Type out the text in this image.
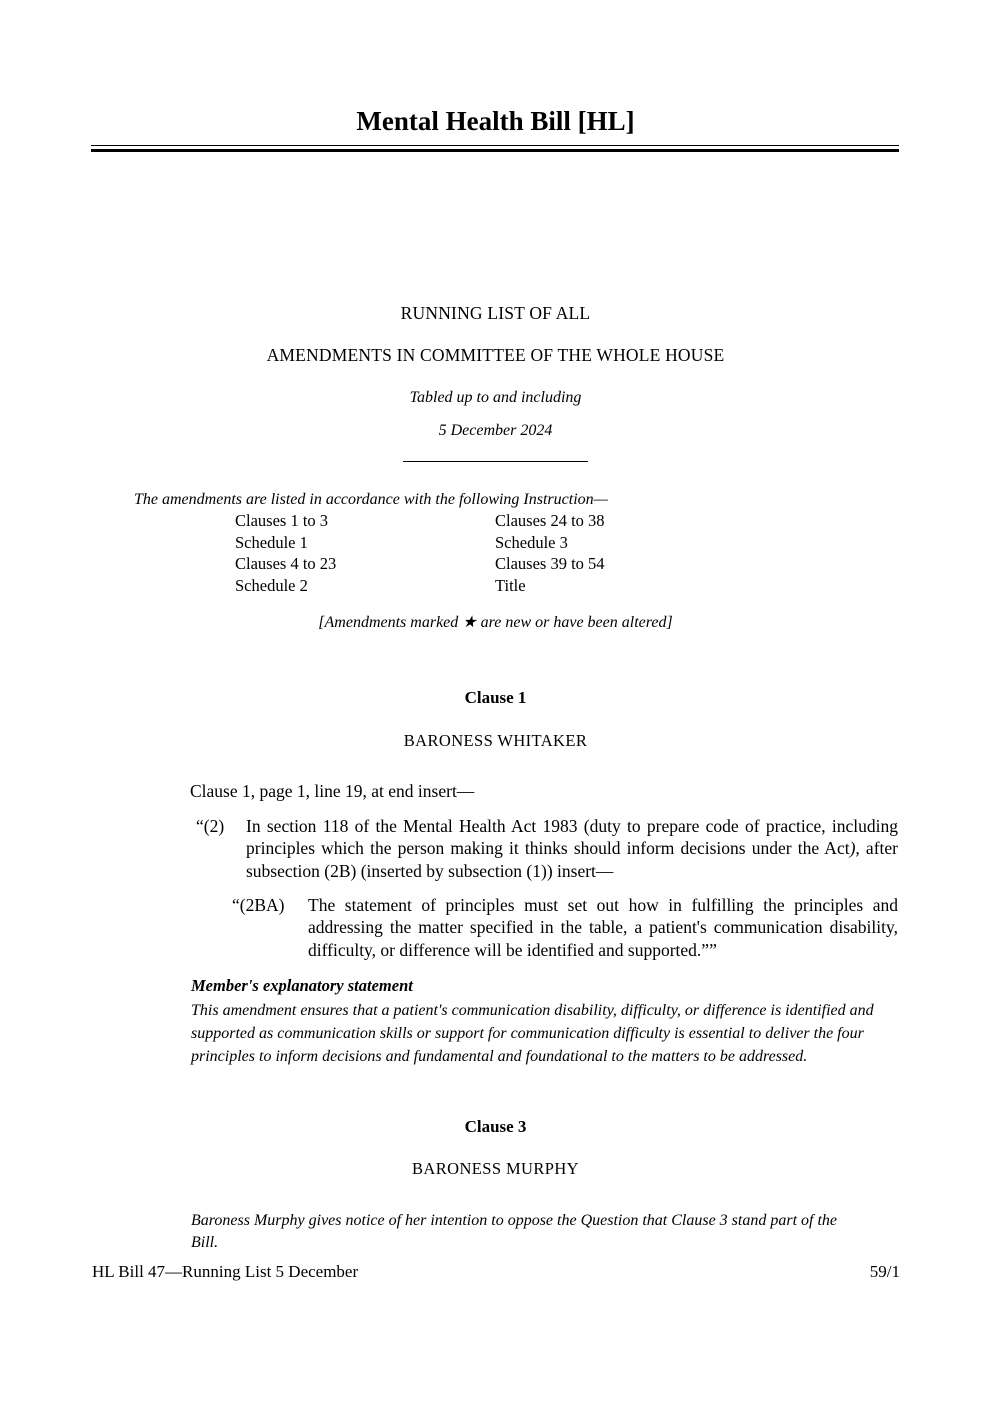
Mental Health Bill [HL]
RUNNING LIST OF ALL
AMENDMENTS IN COMMITTEE OF THE WHOLE HOUSE
Tabled up to and including
5 December 2024
The amendments are listed in accordance with the following Instruction—
Clauses 1 to 3	Clauses 24 to 38
Schedule 1	Schedule 3
Clauses 4 to 23	Clauses 39 to 54
Schedule 2	Title
[Amendments marked ★ are new or have been altered]
Clause 1
BARONESS WHITAKER
Clause 1, page 1, line 19, at end insert—
“(2) In section 118 of the Mental Health Act 1983 (duty to prepare code of practice, including principles which the person making it thinks should inform decisions under the Act), after subsection (2B) (inserted by subsection (1)) insert—
“(2BA) The statement of principles must set out how in fulfilling the principles and addressing the matter specified in the table, a patient's communication disability, difficulty, or difference will be identified and supported.””
Member's explanatory statement
This amendment ensures that a patient's communication disability, difficulty, or difference is identified and supported as communication skills or support for communication difficulty is essential to deliver the four principles to inform decisions and fundamental and foundational to the matters to be addressed.
Clause 3
BARONESS MURPHY
Baroness Murphy gives notice of her intention to oppose the Question that Clause 3 stand part of the Bill.
HL Bill 47—Running List 5 December	59/1
